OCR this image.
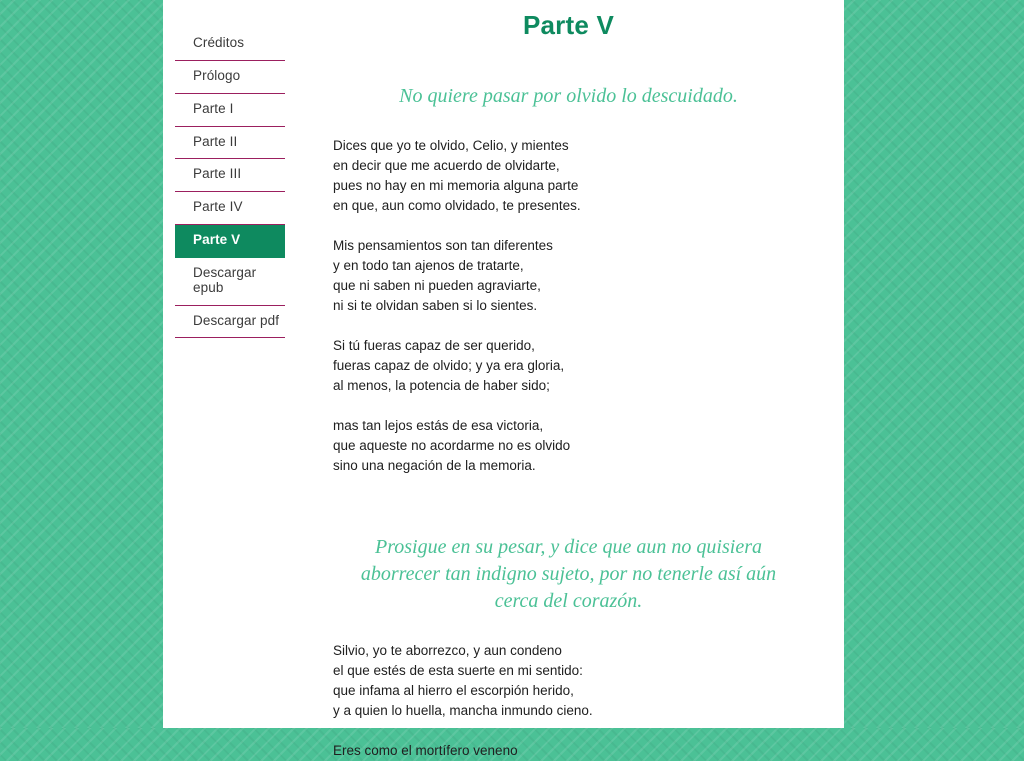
Créditos
Prólogo
Parte I
Parte II
Parte III
Parte IV
Parte V
Descargar epub
Descargar pdf
Parte V
No quiere pasar por olvido lo descuidado.
Dices que yo te olvido, Celio, y mientes
en decir que me acuerdo de olvidarte,
pues no hay en mi memoria alguna parte
en que, aun como olvidado, te presentes.
Mis pensamientos son tan diferentes
y en todo tan ajenos de tratarte,
que ni saben ni pueden agraviarte,
ni si te olvidan saben si lo sientes.
Si tú fueras capaz de ser querido,
fueras capaz de olvido; y ya era gloria,
al menos, la potencia de haber sido;
mas tan lejos estás de esa victoria,
que aqueste no acordarme no es olvido
sino una negación de la memoria.
Prosigue en su pesar, y dice que aun no quisiera aborrecer tan indigno sujeto, por no tenerle así aún cerca del corazón.
Silvio, yo te aborrezco, y aun condeno
el que estés de esta suerte en mi sentido:
que infama al hierro el escorpión herido,
y a quien lo huella, mancha inmundo cieno.
Eres como el mortífero veneno
